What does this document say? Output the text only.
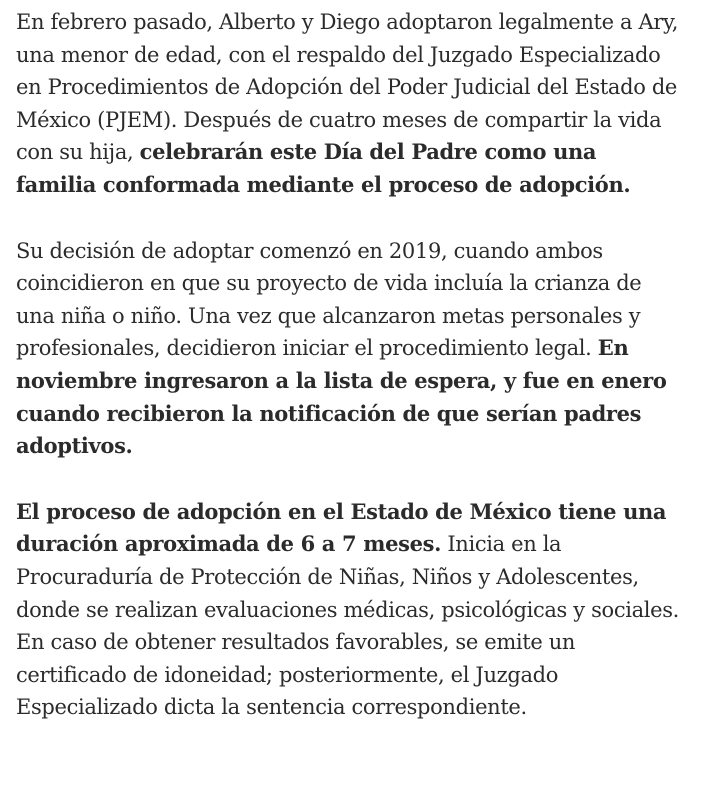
En febrero pasado, Alberto y Diego adoptaron legalmente a Ary, una menor de edad, con el respaldo del Juzgado Especializado en Procedimientos de Adopción del Poder Judicial del Estado de México (PJEM). Después de cuatro meses de compartir la vida con su hija, celebrarán este Día del Padre como una familia conformada mediante el proceso de adopción.

Su decisión de adoptar comenzó en 2019, cuando ambos coincidieron en que su proyecto de vida incluía la crianza de una niña o niño. Una vez que alcanzaron metas personales y profesionales, decidieron iniciar el procedimiento legal. En noviembre ingresaron a la lista de espera, y fue en enero cuando recibieron la notificación de que serían padres adoptivos.

El proceso de adopción en el Estado de México tiene una duración aproximada de 6 a 7 meses. Inicia en la Procuraduría de Protección de Niñas, Niños y Adolescentes, donde se realizan evaluaciones médicas, psicológicas y sociales. En caso de obtener resultados favorables, se emite un certificado de idoneidad; posteriormente, el Juzgado Especializado dicta la sentencia correspondiente.
